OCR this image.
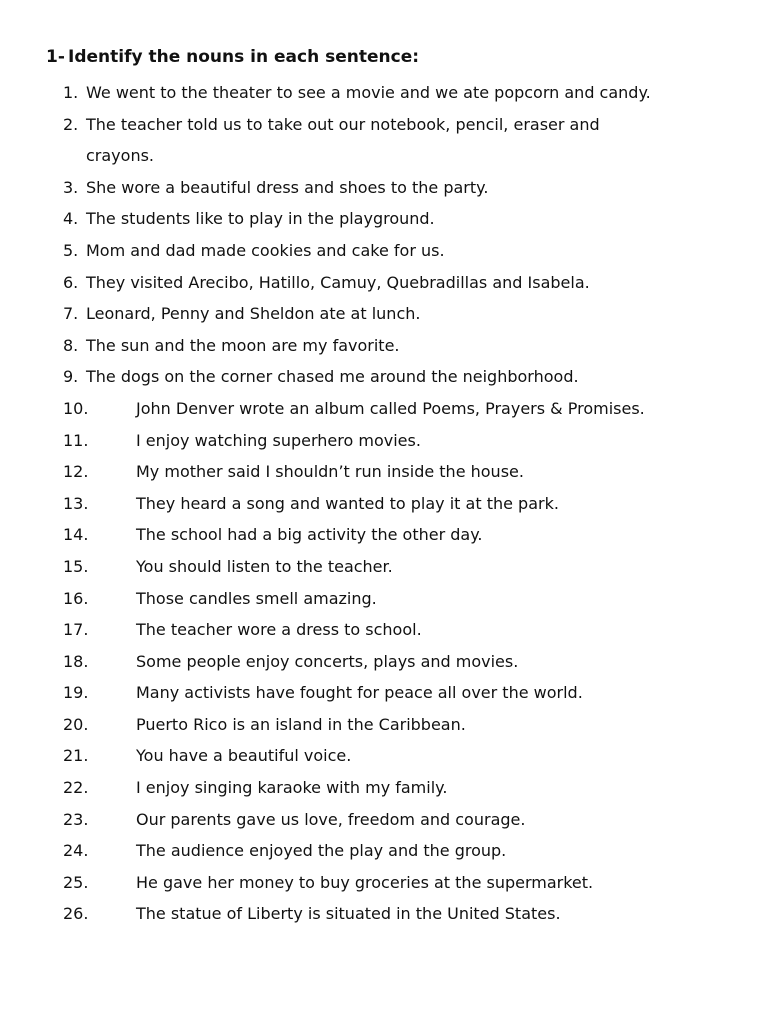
1- Identify the nouns in each sentence:
1. We went to the theater to see a movie and we ate popcorn and candy.
2. The teacher told us to take out our notebook, pencil, eraser and
crayons.
3. She wore a beautiful dress and shoes to the party.
4. The students like to play in the playground.
5. Mom and dad made cookies and cake for us.
6. They visited Arecibo, Hatillo, Camuy, Quebradillas and Isabela.
7. Leonard, Penny and Sheldon ate at lunch.
8. The sun and the moon are my favorite.
9. The dogs on the corner chased me around the neighborhood.
10.	John Denver wrote an album called Poems, Prayers & Promises.
11.	I enjoy watching superhero movies.
12.	My mother said I shouldn’t run inside the house.
13.	They heard a song and wanted to play it at the park.
14.	The school had a big activity the other day.
15.	You should listen to the teacher.
16.	Those candles smell amazing.
17.	The teacher wore a dress to school.
18.	Some people enjoy concerts, plays and movies.
19.	Many activists have fought for peace all over the world.
20.	Puerto Rico is an island in the Caribbean.
21.	You have a beautiful voice.
22.	I enjoy singing karaoke with my family.
23.	Our parents gave us love, freedom and courage.
24.	The audience enjoyed the play and the group.
25.	He gave her money to buy groceries at the supermarket.
26.	The statue of Liberty is situated in the United States.
